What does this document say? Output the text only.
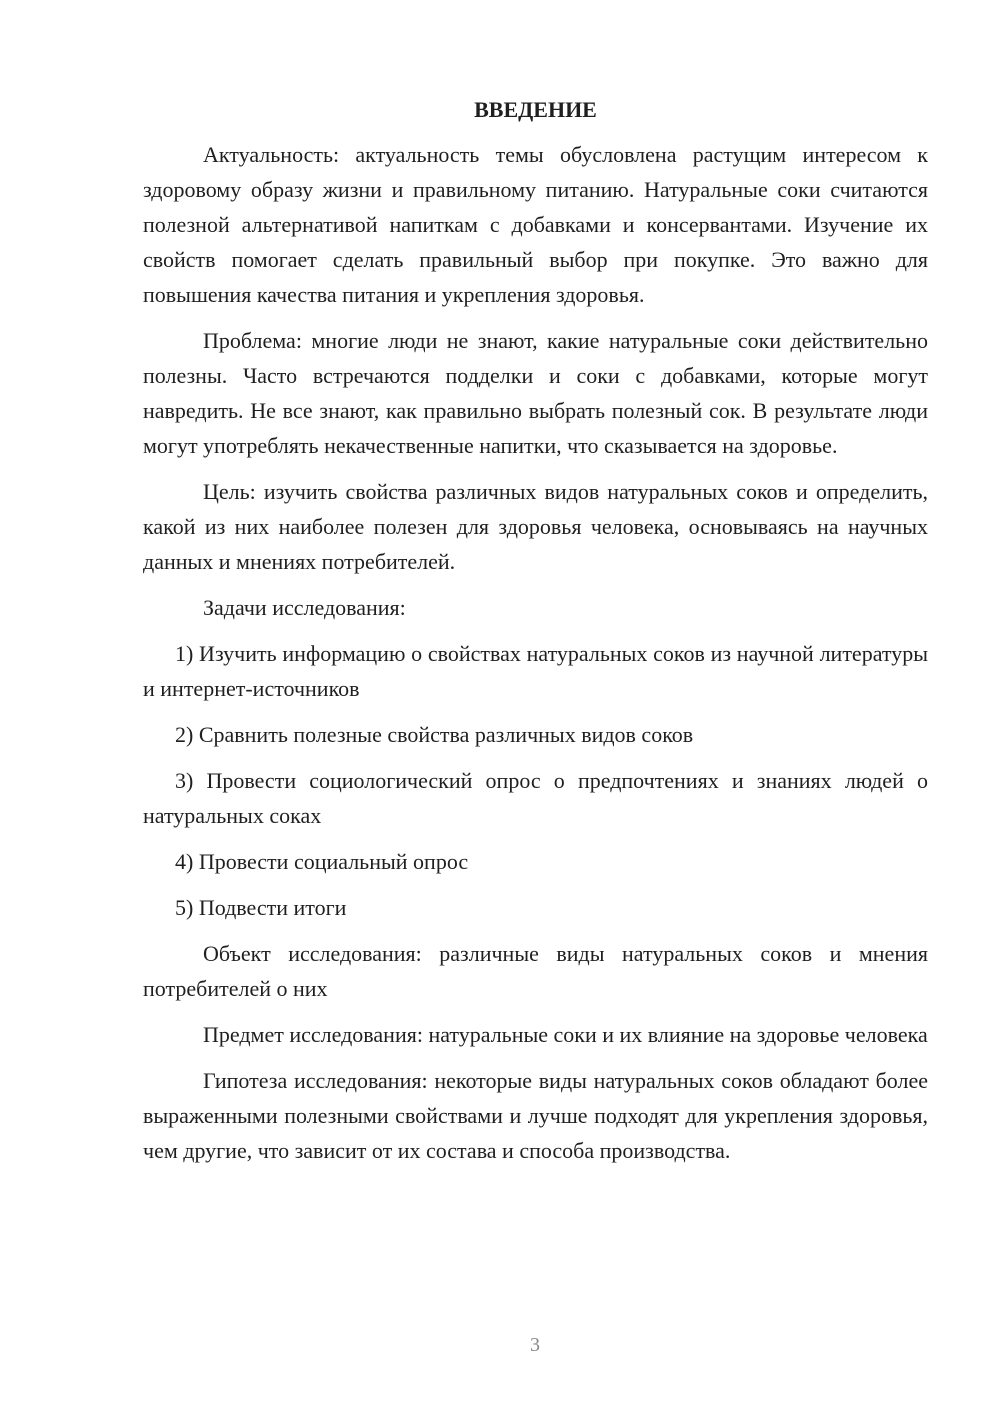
ВВЕДЕНИЕ

Актуальность: актуальность темы обусловлена растущим интересом к здоровому образу жизни и правильному питанию. Натуральные соки считаются полезной альтернативой напиткам с добавками и консервантами. Изучение их свойств помогает сделать правильный выбор при покупке. Это важно для повышения качества питания и укрепления здоровья.

Проблема: многие люди не знают, какие натуральные соки действительно полезны. Часто встречаются подделки и соки с добавками, которые могут навредить. Не все знают, как правильно выбрать полезный сок. В результате люди могут употреблять некачественные напитки, что сказывается на здоровье.

Цель: изучить свойства различных видов натуральных соков и определить, какой из них наиболее полезен для здоровья человека, основываясь на научных данных и мнениях потребителей.

Задачи исследования:

1) Изучить информацию о свойствах натуральных соков из научной литературы и интернет-источников

2) Сравнить полезные свойства различных видов соков

3) Провести социологический опрос о предпочтениях и знаниях людей о натуральных соках

4) Провести социальный опрос

5) Подвести итоги

Объект исследования: различные виды натуральных соков и мнения потребителей о них

Предмет исследования: натуральные соки и их влияние на здоровье человека

Гипотеза исследования: некоторые виды натуральных соков обладают более выраженными полезными свойствами и лучше подходят для укрепления здоровья, чем другие, что зависит от их состава и способа производства.

3
